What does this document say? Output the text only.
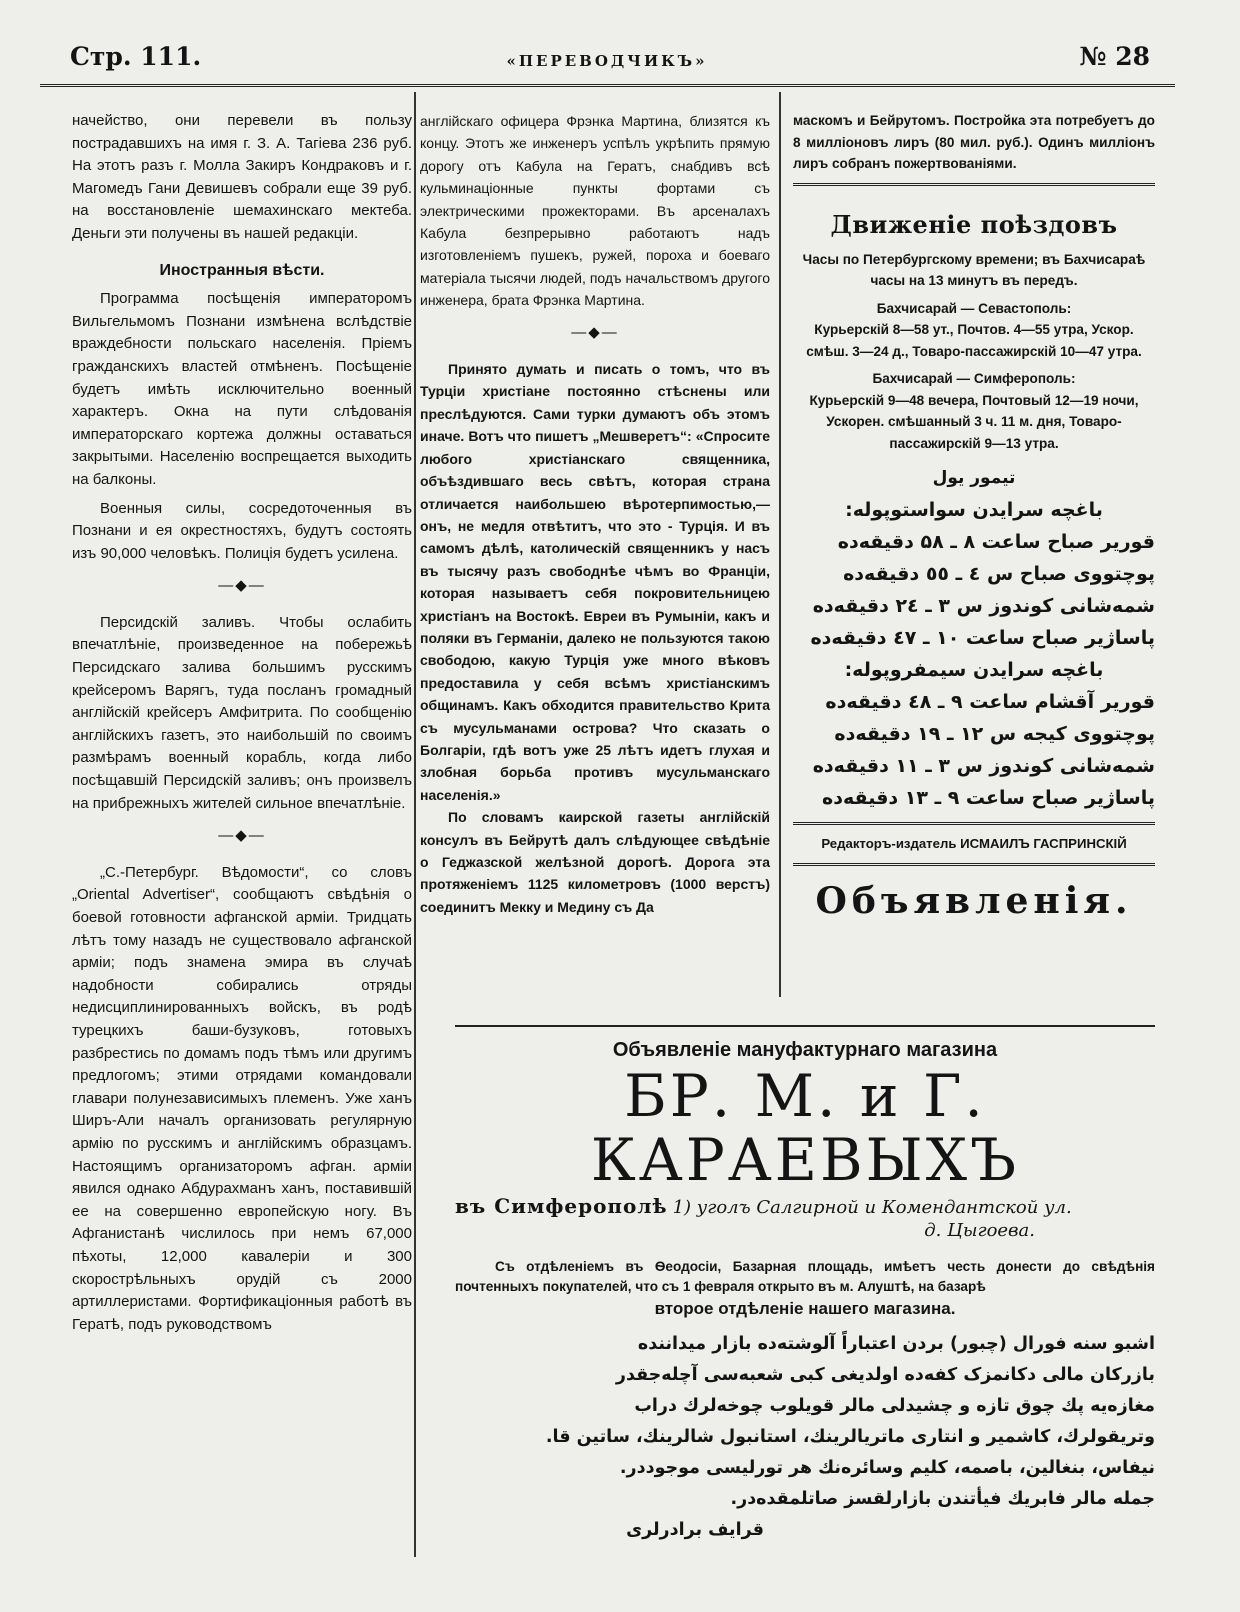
Стр. 111.	«ПЕРЕВОДЧИКЪ»	№ 28

начейство, они перевели въ пользу пострадавшихъ на имя г. З. А. Тагіева 236 руб. На этотъ разъ г. Молла Закиръ Кондраковъ и г. Магомедъ Гани Девишевъ собрали еще 39 руб. на восстановленіе шемахинскаго мектеба. Деньги эти получены въ нашей редакціи.

Иностранныя вѣсти.

Программа посѣщенія императоромъ Вильгельмомъ Познани измѣнена вслѣдствіе враждебности польскаго населенія. Пріемъ гражданскихъ властей отмѣненъ. Посѣщеніе будетъ имѣть исключительно военный характеръ. Окна на пути слѣдованія императорскаго кортежа должны оставаться закрытыми. Населенію воспрещается выходить на балконы.

Военныя силы, сосредоточенныя въ Познани и ея окрестностяхъ, будутъ состоять изъ 90,000 человѣкъ. Полиція будетъ усилена.

—◆—

Персидскій заливъ. Чтобы ослабить впечатлѣніе, произведенное на побережьѣ Персидскаго залива большимъ русскимъ крейсеромъ Варягъ, туда посланъ громадный англійскій крейсеръ Амфитрита. По сообщенію англійскихъ газетъ, это наибольшій по своимъ размѣрамъ военный корабль, когда либо посѣщавшій Персидскій заливъ; онъ произвелъ на прибрежныхъ жителей сильное впечатлѣніе.

—◆—

„С.-Петербург. Вѣдомости“, со словъ „Oriental Advertiser“, сообщаютъ свѣдѣнія о боевой готовности афганской арміи. Тридцать лѣтъ тому назадъ не существовало афганской арміи; подъ знамена эмира въ случаѣ надобности собирались отряды недисциплинированныхъ войскъ, въ родѣ турецкихъ баши-бузуковъ, готовыхъ разбрестись по домамъ подъ тѣмъ или другимъ предлогомъ; этими отрядами командовали главари полунезависимыхъ племенъ. Уже ханъ Ширъ-Али началъ организовать регулярную армію по русскимъ и англійскимъ образцамъ. Настоящимъ организаторомъ афган. арміи явился однако Абдурахманъ ханъ, поставившій ее на совершенно европейскую ногу. Въ Афганистанѣ числилось при немъ 67,000 пѣхоты, 12,000 кавалеріи и 300 скорострѣльныхъ орудій съ 2000 артиллеристами. Фортификаціонныя работѣ въ Гератѣ, подъ руководствомъ

англійскаго офицера Фрэнка Мартина, близятся къ концу. Этотъ же инженеръ успѣлъ укрѣпить прямую дорогу отъ Кабула на Гератъ, снабдивъ всѣ кульминаціонные пункты фортами съ электрическими прожекторами. Въ арсеналахъ Кабула безпрерывно работаютъ надъ изготовленіемъ пушекъ, ружей, пороха и боеваго матеріала тысячи людей, подъ начальствомъ другого инженера, брата Фрэнка Мартина.

—◆—

Принято думать и писать о томъ, что въ Турціи христіане постоянно стѣснены или преслѣдуются. Сами турки думаютъ объ этомъ иначе. Вотъ что пишетъ „Мешверетъ“: «Спросите любого христіанскаго священника, объѣздившаго весь свѣтъ, которая страна отличается наибольшею вѣротерпимостью,— онъ, не медля отвѣтитъ, что это - Турція. И въ самомъ дѣлѣ, католическій священникъ у насъ въ тысячу разъ свободнѣе чѣмъ во Франціи, которая называетъ себя покровительницею христіанъ на Востокѣ. Евреи въ Румыніи, какъ и поляки въ Германіи, далеко не пользуются такою свободою, какую Турція уже много вѣковъ предоставила у себя всѣмъ христіанскимъ общинамъ. Какъ обходится правительство Крита съ мусульманами острова? Что сказать о Болгаріи, гдѣ вотъ уже 25 лѣтъ идетъ глухая и злобная борьба противъ мусульманскаго населенія.»

По словамъ каирской газеты англійскій консулъ въ Бейрутѣ далъ слѣдующее свѣдѣніе о Геджазской желѣзной дорогѣ. Дорога эта протяженіемъ 1125 километровъ (1000 верстъ) соединитъ Мекку и Медину съ Да

маскомъ и Бейрутомъ. Постройка эта потребуетъ до 8 милліоновъ лиръ (80 мил. руб.). Одинъ милліонъ лиръ собранъ пожертвованіями.

Движеніе поѣздовъ

Часы по Петербургскому времени; въ Бахчисараѣ часы на 13 минутъ въ передъ.

Бахчисарай — Севастополь:

Курьерскій 8—58 ут., Почтов. 4—55 утра, Ускор. смѣш. 3—24 д., Товаро-пассажирскій 10—47 утра.

Бахчисарай — Симферополь:

Курьерскій 9—48 вечера, Почтовый 12—19 ночи, Ускорен. смѣшанный 3 ч. 11 м. дня, Товаро-пассажирскій 9—13 утра.

تیمور یول
باغچه سرایدن سواستوپوله:
قوریر صباح ساعت ۸ ـ ۵۸ دقیقه‌ده
پوچتووی صباح س ٤ ـ ٥٥ دقیقه‌ده
شمه‌شانی کوندوز س ۳ ـ ۲٤ دقیقه‌ده
پاساژیر صباح ساعت ۱۰ ـ ٤٧ دقیقه‌ده
باغچه سرایدن سیمفروپوله:
قوریر آقشام ساعت ۹ ـ ٤٨ دقیقه‌ده
پوچتووی کیجه س ۱۲ ـ ۱۹ دقیقه‌ده
شمه‌شانی کوندوز س ۳ ـ ۱۱ دقیقه‌ده
پاساژیر صباح ساعت ۹ ـ ۱۳ دقیقه‌ده

Редакторъ-издатель ИСМАИЛЪ ГАСПРИНСКІЙ

Объявленія.
Объявленіе мануфактурнаго магазина
БР. М. и Г. КАРАЕВЫХЪ
въ Симферополѣ 1) уголъ Салгирной и Комендантской ул.
д. Цыгоева.
Съ отдѣленіемъ въ Ѳеодосіи, Базарная площадь, имѣетъ честь донести до свѣдѣнія почтенныхъ покупателей, что съ 1 февраля открыто въ м. Алуштѣ, на базарѣ
второе отдѣленіе нашего магазина.
اشبو سنه فورال (چبور) بردن اعتباراً آلوشته‌ده بازار میداننده
بازرکان مالی دکانمزک کفه‌ده اولدیغی کبی شعبه‌سی آچله‌جقدر
مغازه‌یه پك چوق تازه و چشیدلی مالر قویلوب چوخه‌لرك دراب
وتریقولرك، کاشمیر و انتاری ماتریالرینك، استانبول شالرینك، ساتین قا.
نیفاس، بنغالین، باصمه، کلیم وسائره‌نك هر تورلیسی موجوددر.
جمله مالر فابریك فیأتندن بازارلقسز صاتلمقده‌در.
قرایف برادرلری
